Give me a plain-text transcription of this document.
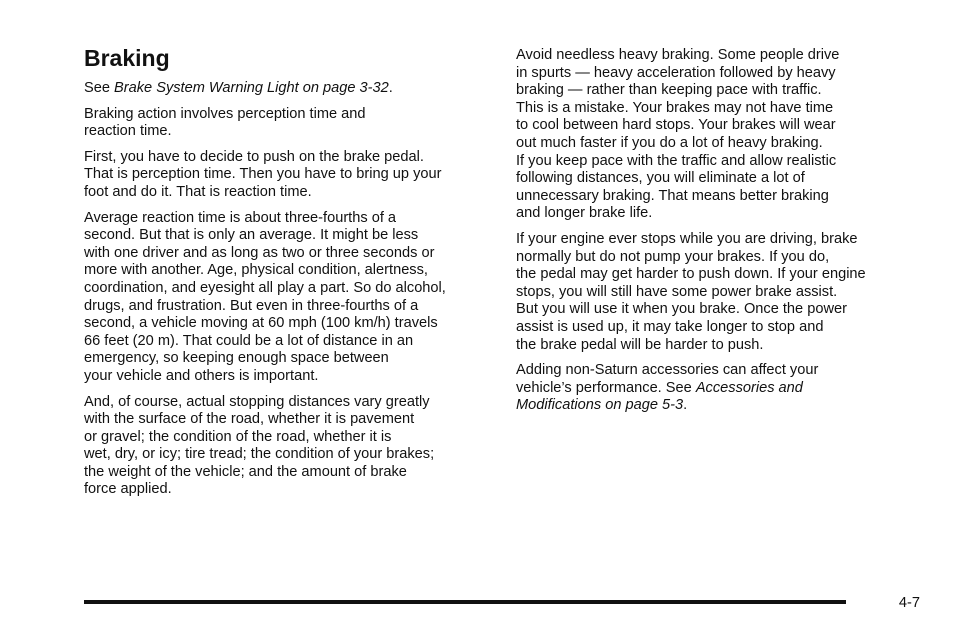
Braking

See Brake System Warning Light on page 3-32.

Braking action involves perception time and
reaction time.

First, you have to decide to push on the brake pedal.
That is perception time. Then you have to bring up your
foot and do it. That is reaction time.

Average reaction time is about three-fourths of a
second. But that is only an average. It might be less
with one driver and as long as two or three seconds or
more with another. Age, physical condition, alertness,
coordination, and eyesight all play a part. So do alcohol,
drugs, and frustration. But even in three-fourths of a
second, a vehicle moving at 60 mph (100 km/h) travels
66 feet (20 m). That could be a lot of distance in an
emergency, so keeping enough space between
your vehicle and others is important.

And, of course, actual stopping distances vary greatly
with the surface of the road, whether it is pavement
or gravel; the condition of the road, whether it is
wet, dry, or icy; tire tread; the condition of your brakes;
the weight of the vehicle; and the amount of brake
force applied.

Avoid needless heavy braking. Some people drive
in spurts — heavy acceleration followed by heavy
braking — rather than keeping pace with traffic.
This is a mistake. Your brakes may not have time
to cool between hard stops. Your brakes will wear
out much faster if you do a lot of heavy braking.
If you keep pace with the traffic and allow realistic
following distances, you will eliminate a lot of
unnecessary braking. That means better braking
and longer brake life.

If your engine ever stops while you are driving, brake
normally but do not pump your brakes. If you do,
the pedal may get harder to push down. If your engine
stops, you will still have some power brake assist.
But you will use it when you brake. Once the power
assist is used up, it may take longer to stop and
the brake pedal will be harder to push.

Adding non-Saturn accessories can affect your
vehicle’s performance. See Accessories and
Modifications on page 5-3.

4-7
